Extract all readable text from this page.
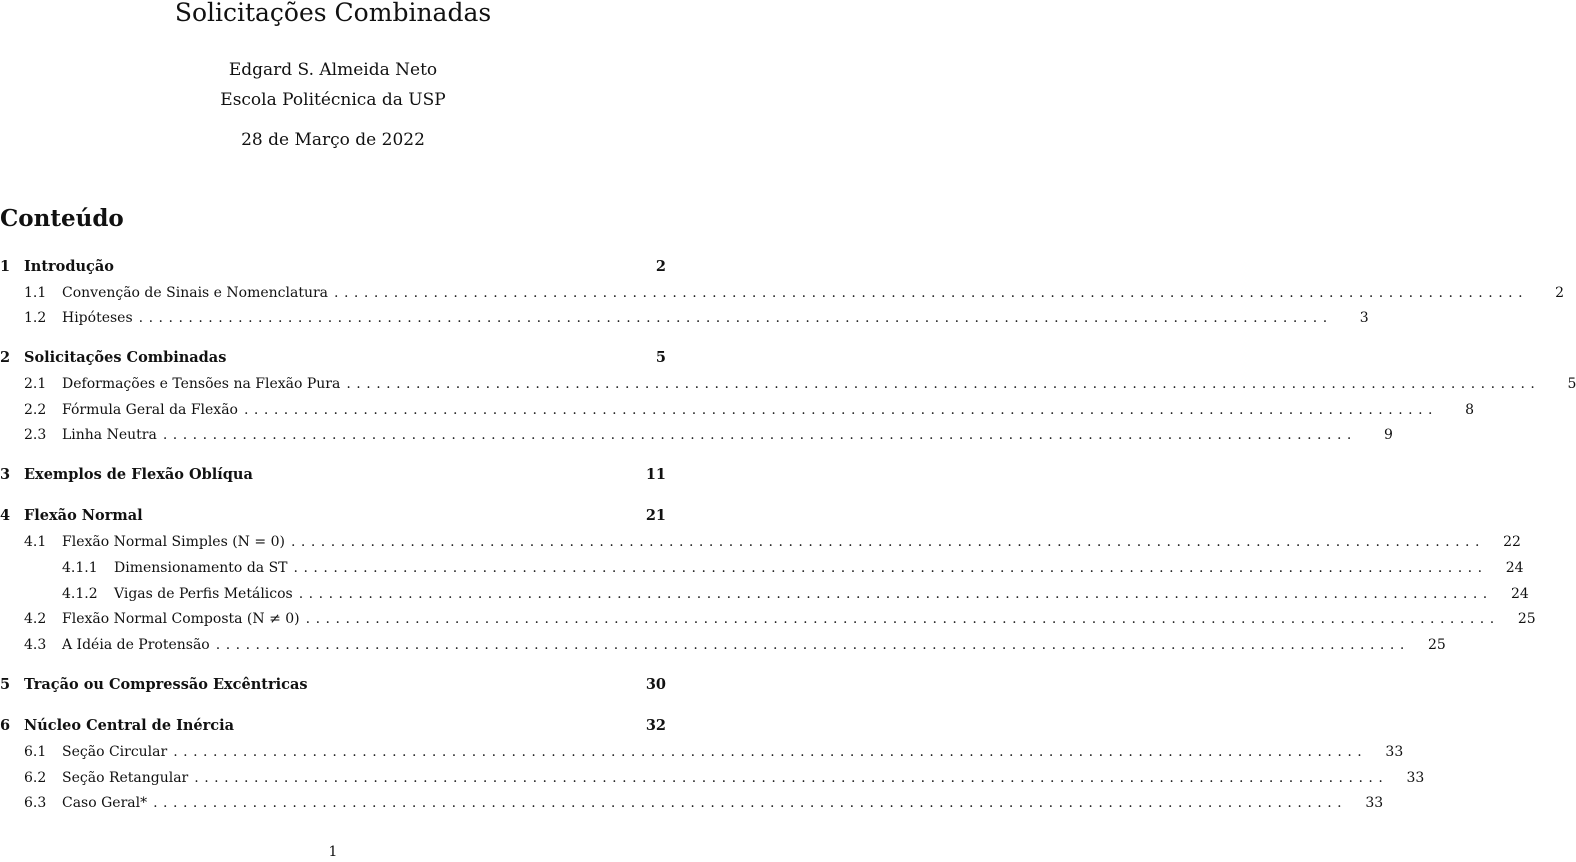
Solicitações Combinadas
Edgard S. Almeida Neto
Escola Politécnica da USP
28 de Março de 2022
Conteúdo
1 Introdução	2
1.1	Convenção de Sinais e Nomenclatura ........................................................................................................................	2
1.2	Hipóteses ........................................................................................................................	3
2 Solicitações Combinadas	5
2.1	Deformações e Tensões na Flexão Pura ........................................................................................................................	5
2.2	Fórmula Geral da Flexão ........................................................................................................................	8
2.3	Linha Neutra ........................................................................................................................	9
3 Exemplos de Flexão Oblíqua	11
4 Flexão Normal	21
4.1	Flexão Normal Simples (N = 0) ........................................................................................................................	22
4.1.1	Dimensionamento da ST ........................................................................................................................	24
4.1.2	Vigas de Perfis Metálicos ........................................................................................................................	24
4.2	Flexão Normal Composta (N ≠ 0) ........................................................................................................................	25
4.3	A Idéia de Protensão ........................................................................................................................	25
5 Tração ou Compressão Excêntricas	30
6 Núcleo Central de Inércia	32
6.1	Seção Circular ........................................................................................................................	33
6.2	Seção Retangular ........................................................................................................................	33
6.3	Caso Geral* ........................................................................................................................	33
1
